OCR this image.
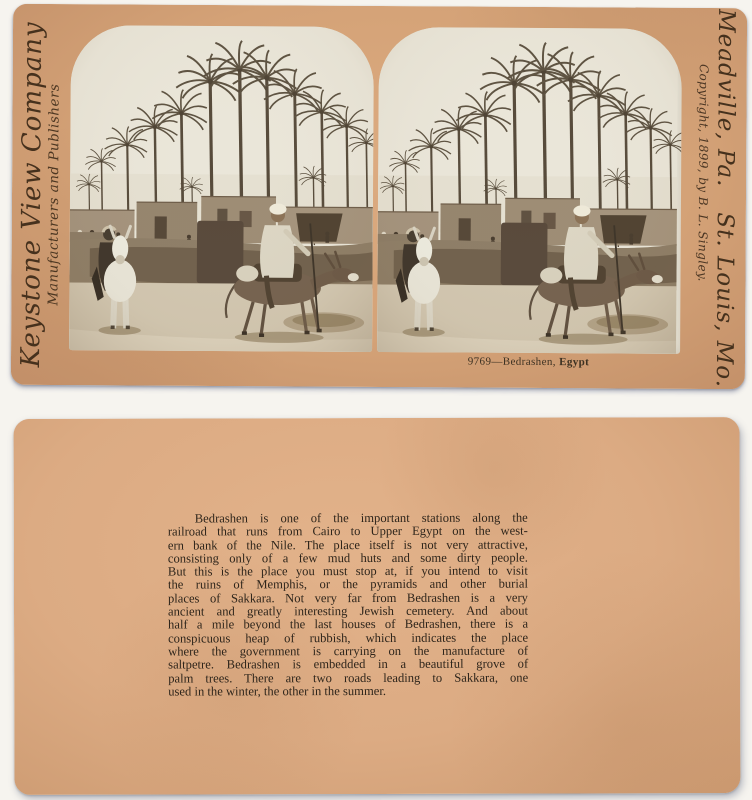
9769—Bedrashen, Egypt
Keystone View Company
Manufacturers and Publishers	Meadville, Pa.   St. Louis, Mo.
Copyright, 1899, by B. L. Singley.
Bedrashen is one of the important stations along the
railroad that runs from Cairo to Upper Egypt on the west-
ern bank of the Nile. The place itself is not very attractive,
consisting only of a few mud huts and some dirty people.
But this is the place you must stop at, if you intend to visit
the ruins of Memphis, or the pyramids and other burial
places of Sakkara. Not very far from Bedrashen is a very
ancient and greatly interesting Jewish cemetery. And about
half a mile beyond the last houses of Bedrashen, there is a
conspicuous heap of rubbish, which indicates the place
where the government is carrying on the manufacture of
saltpetre. Bedrashen is embedded in a beautiful grove of
palm trees. There are two roads leading to Sakkara, one
used in the winter, the other in the summer.
